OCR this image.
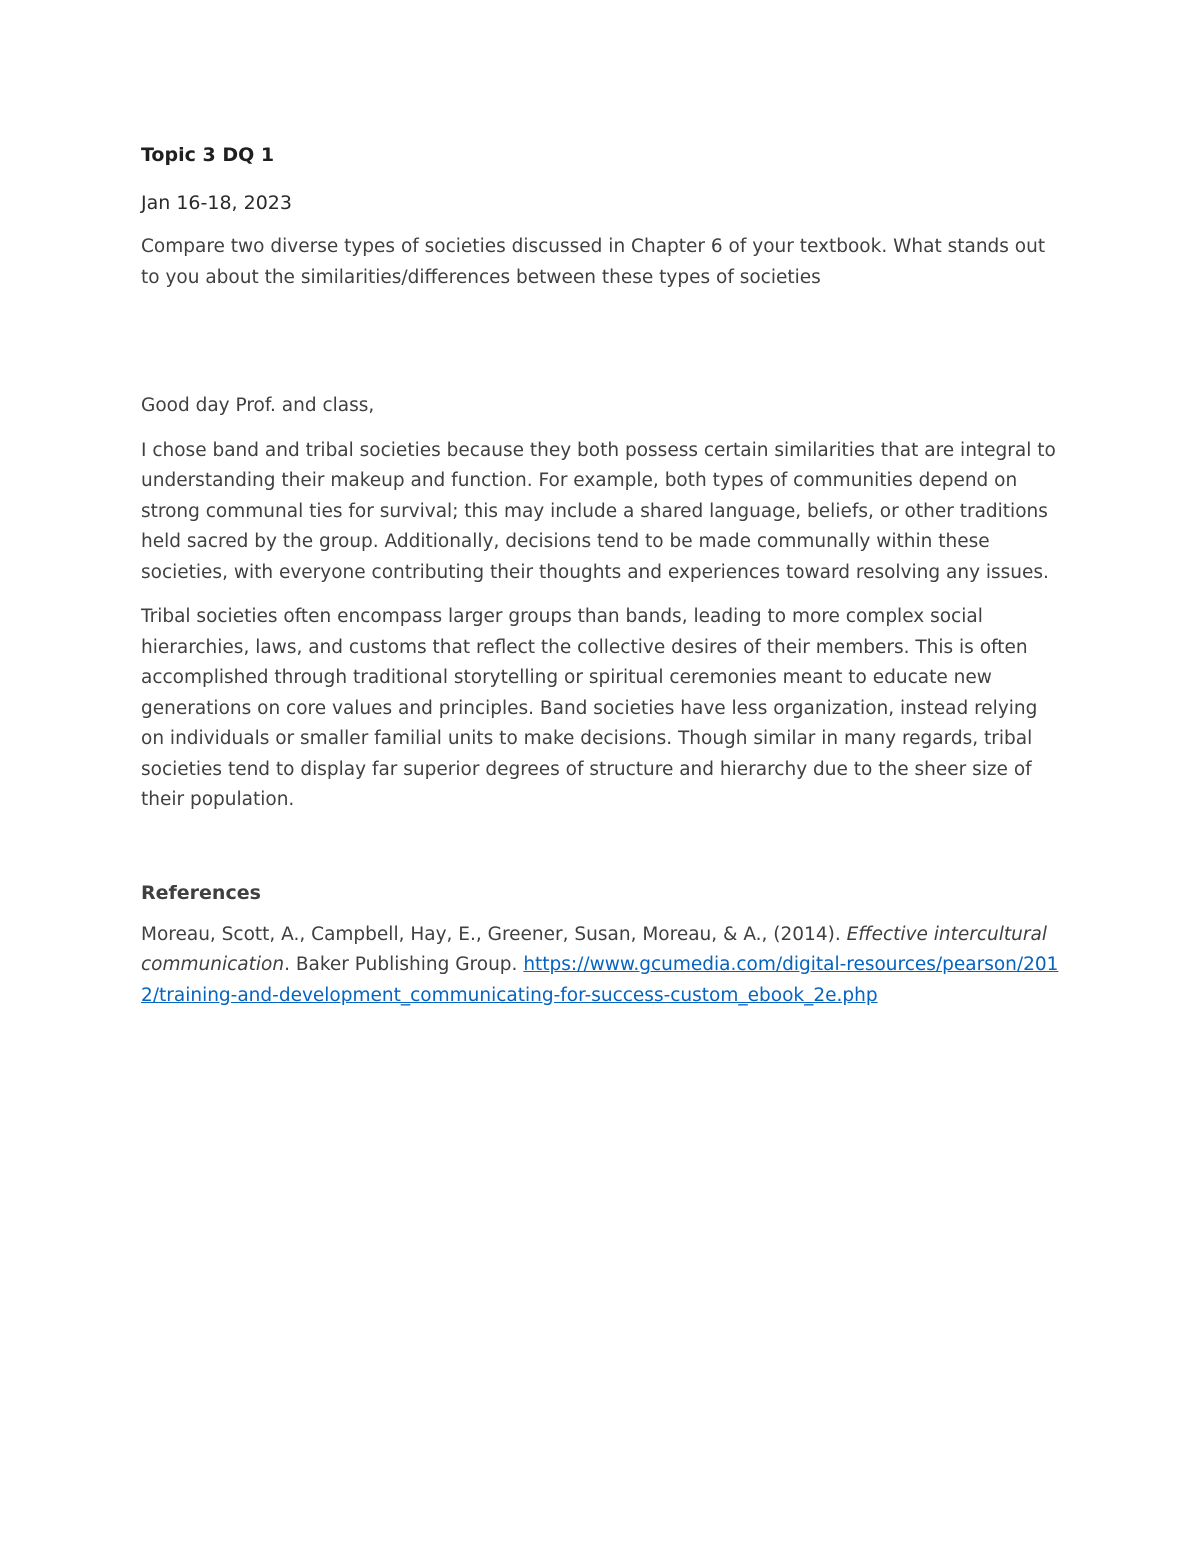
Topic 3 DQ 1
Jan 16-18, 2023

Compare two diverse types of societies discussed in Chapter 6 of your textbook. What stands out to you about the similarities/differences between these types of societies

Good day Prof. and class,

I chose band and tribal societies because they both possess certain similarities that are integral to understanding their makeup and function. For example, both types of communities depend on strong communal ties for survival; this may include a shared language, beliefs, or other traditions held sacred by the group. Additionally, decisions tend to be made communally within these societies, with everyone contributing their thoughts and experiences toward resolving any issues.

Tribal societies often encompass larger groups than bands, leading to more complex social hierarchies, laws, and customs that reflect the collective desires of their members. This is often accomplished through traditional storytelling or spiritual ceremonies meant to educate new generations on core values and principles. Band societies have less organization, instead relying on individuals or smaller familial units to make decisions. Though similar in many regards, tribal societies tend to display far superior degrees of structure and hierarchy due to the sheer size of their population.

References

Moreau, Scott, A., Campbell, Hay, E., Greener, Susan, Moreau, & A., (2014). Effective intercultural communication. Baker Publishing Group. https://www.gcumedia.com/digital-resources/pearson/2012/training-and-development_communicating-for-success-custom_ebook_2e.php
